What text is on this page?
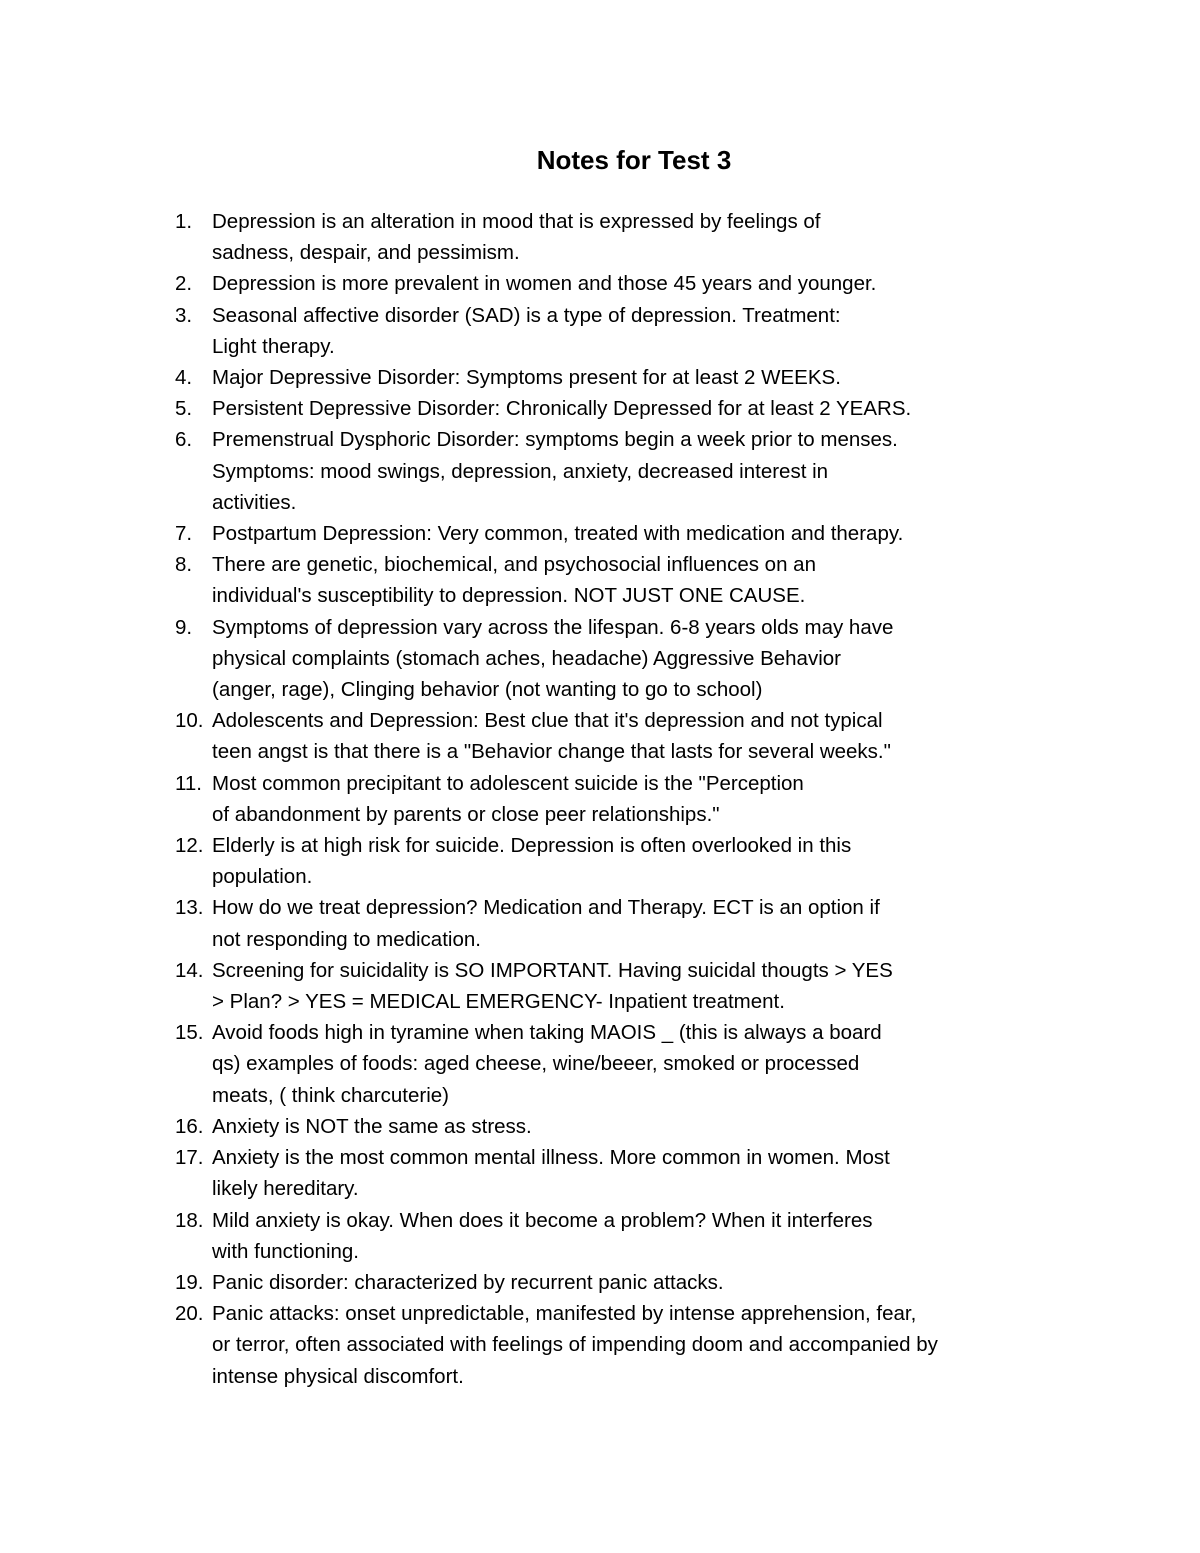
Notes for Test 3
1. Depression is an alteration in mood that is expressed by feelings of
sadness, despair, and pessimism.
2. Depression is more prevalent in women and those 45 years and younger.
3. Seasonal affective disorder (SAD) is a type of depression. Treatment:
Light therapy.
4. Major Depressive Disorder: Symptoms present for at least 2 WEEKS.
5. Persistent Depressive Disorder: Chronically Depressed for at least 2 YEARS.
6. Premenstrual Dysphoric Disorder: symptoms begin a week prior to menses.
Symptoms: mood swings, depression, anxiety, decreased interest in
activities.
7. Postpartum Depression: Very common, treated with medication and therapy.
8. There are genetic, biochemical, and psychosocial influences on an
individual's susceptibility to depression. NOT JUST ONE CAUSE.
9. Symptoms of depression vary across the lifespan. 6-8 years olds may have
physical complaints (stomach aches, headache) Aggressive Behavior
(anger, rage), Clinging behavior (not wanting to go to school)
10. Adolescents and Depression: Best clue that it's depression and not typical
teen angst is that there is a "Behavior change that lasts for several weeks."
11. Most common precipitant to adolescent suicide is the "Perception
of abandonment by parents or close peer relationships."
12. Elderly is at high risk for suicide. Depression is often overlooked in this
population.
13. How do we treat depression? Medication and Therapy. ECT is an option if
not responding to medication.
14. Screening for suicidality is SO IMPORTANT. Having suicidal thougts > YES
> Plan? > YES = MEDICAL EMERGENCY- Inpatient treatment.
15. Avoid foods high in tyramine when taking MAOIS _ (this is always a board
qs) examples of foods: aged cheese, wine/beeer, smoked or processed
meats, ( think charcuterie)
16. Anxiety is NOT the same as stress.
17. Anxiety is the most common mental illness. More common in women. Most
likely hereditary.
18. Mild anxiety is okay. When does it become a problem? When it interferes
with functioning.
19. Panic disorder: characterized by recurrent panic attacks.
20. Panic attacks: onset unpredictable, manifested by intense apprehension, fear,
or terror, often associated with feelings of impending doom and accompanied by
intense physical discomfort.
